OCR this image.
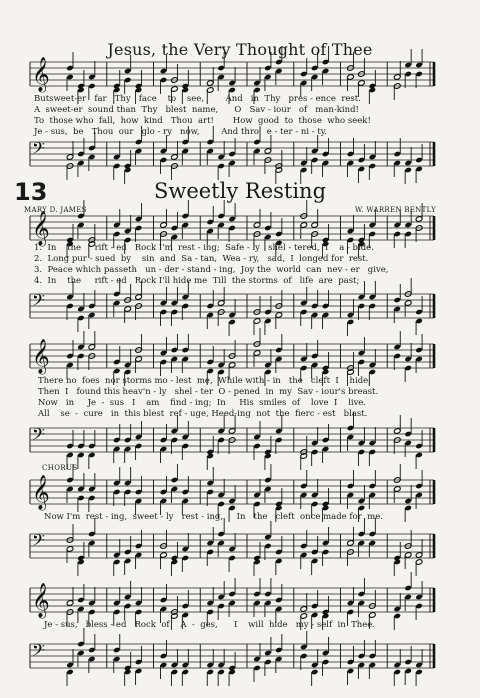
Jesus, the Very Thought of Thee
𝄞
Butsweet-er   far   Thy   face    to    see,        And   in  Thy   pres - ence  rest.
A  sweet-er  sound than  Thy   blest  name,      O   Sav - iour   of   man-kind!
To  those who  fall,  how  kind   Thou  art!       How  good  to  those  who seek!
Je - sus,  be   Thou  our   glo - ry   now,        And thro'  e - ter - ni - ty.
𝄢
13	Sweetly Resting
MARY D. JAMES	W. WARREN BENTLY
𝄞
1.  In    the     rift - ed   Rock I'm  rest - ing;  Safe - ly   shel - tered,  I    a - bide.
2.  Long pur - sued  by    sin  and  Sa - tan,  Wea - ry,   sad,  I  longed for  rest.
3.  Peace which passeth   un - der - stand - ing,  Joy the  world  can  nev - er   give,
4.  In    the     rift - ed   Rock I'll hide me  Till  the storms  of   life  are  past;
𝄢
𝄞
There no  foes  nor storms mo - lest  me,  While with - in   the   cleft  I    hide.
Then  I   found this heav'n - ly   shel - ter  O - pened  in  my  Sav - iour's breast.
Now   in     Je  -  sus   I    am    find - ing;  In     His  smiles  of    love  I    live.
All    se  -  cure   in  this blest  ref - uge, Heed-ing  not  the  fierc - est   blast.
𝄢
CHORUS
𝄞
Now I'm  rest - ing,  sweet - ly   rest - ing,     In   the   cleft  once made for  me.
𝄢
𝄞
Je - sus,   bless - ed   Rock  of    A  -  ges,      I    will  hide   my - self  in  Thee.
𝄢
